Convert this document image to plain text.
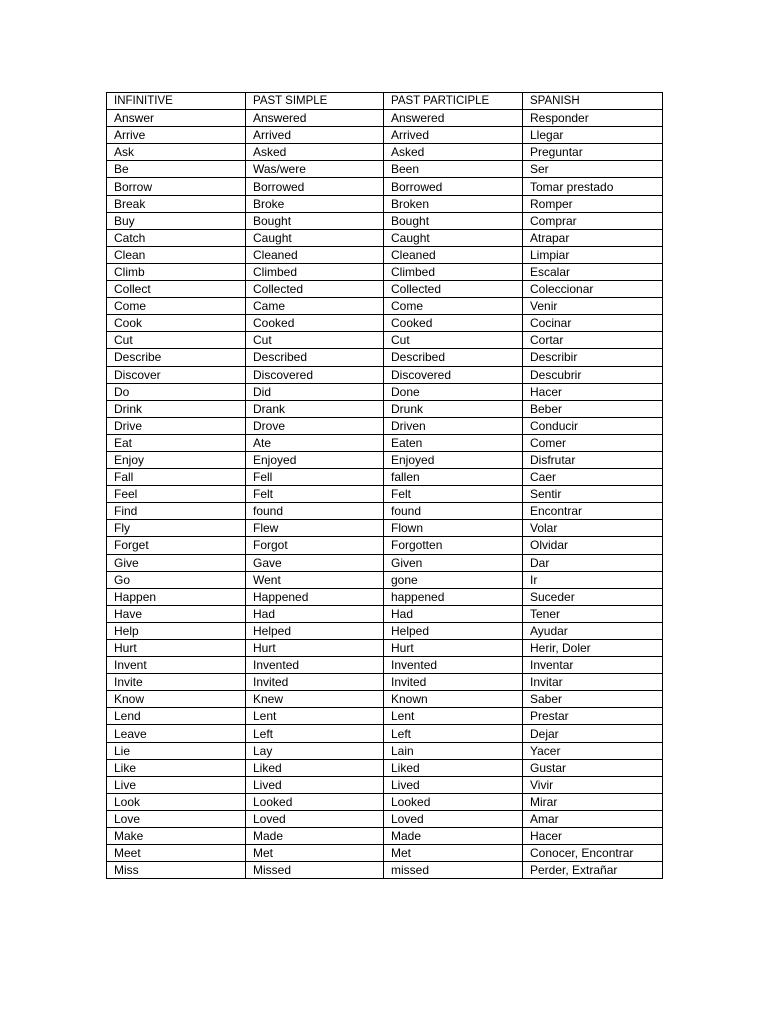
INFINITIVE	PAST SIMPLE	PAST PARTICIPLE	SPANISH
Answer	Answered	Answered	Responder
Arrive	Arrived	Arrived	Llegar
Ask	Asked	Asked	Preguntar
Be	Was/were	Been	Ser
Borrow	Borrowed	Borrowed	Tomar prestado
Break	Broke	Broken	Romper
Buy	Bought	Bought	Comprar
Catch	Caught	Caught	Atrapar
Clean	Cleaned	Cleaned	Limpiar
Climb	Climbed	Climbed	Escalar
Collect	Collected	Collected	Coleccionar
Come	Came	Come	Venir
Cook	Cooked	Cooked	Cocinar
Cut	Cut	Cut	Cortar
Describe	Described	Described	Describir
Discover	Discovered	Discovered	Descubrir
Do	Did	Done	Hacer
Drink	Drank	Drunk	Beber
Drive	Drove	Driven	Conducir
Eat	Ate	Eaten	Comer
Enjoy	Enjoyed	Enjoyed	Disfrutar
Fall	Fell	fallen	Caer
Feel	Felt	Felt	Sentir
Find	found	found	Encontrar
Fly	Flew	Flown	Volar
Forget	Forgot	Forgotten	Olvidar
Give	Gave	Given	Dar
Go	Went	gone	Ir
Happen	Happened	happened	Suceder
Have	Had	Had	Tener
Help	Helped	Helped	Ayudar
Hurt	Hurt	Hurt	Herir, Doler
Invent	Invented	Invented	Inventar
Invite	Invited	Invited	Invitar
Know	Knew	Known	Saber
Lend	Lent	Lent	Prestar
Leave	Left	Left	Dejar
Lie	Lay	Lain	Yacer
Like	Liked	Liked	Gustar
Live	Lived	Lived	Vivir
Look	Looked	Looked	Mirar
Love	Loved	Loved	Amar
Make	Made	Made	Hacer
Meet	Met	Met	Conocer, Encontrar
Miss	Missed	missed	Perder, Extrañar
